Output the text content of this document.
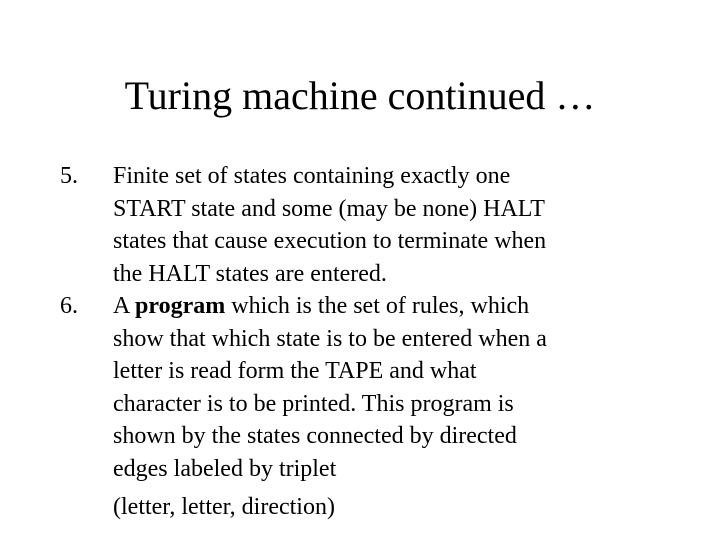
Turing machine continued …
5. Finite set of states containing exactly one
START state and some (may be none) HALT
states that cause execution to terminate when
the HALT states are entered.
6. A program which is the set of rules, which
show that which state is to be entered when a
letter is read form the TAPE and what
character is to be printed. This program is
shown by the states connected by directed
edges labeled by triplet
(letter, letter, direction)
